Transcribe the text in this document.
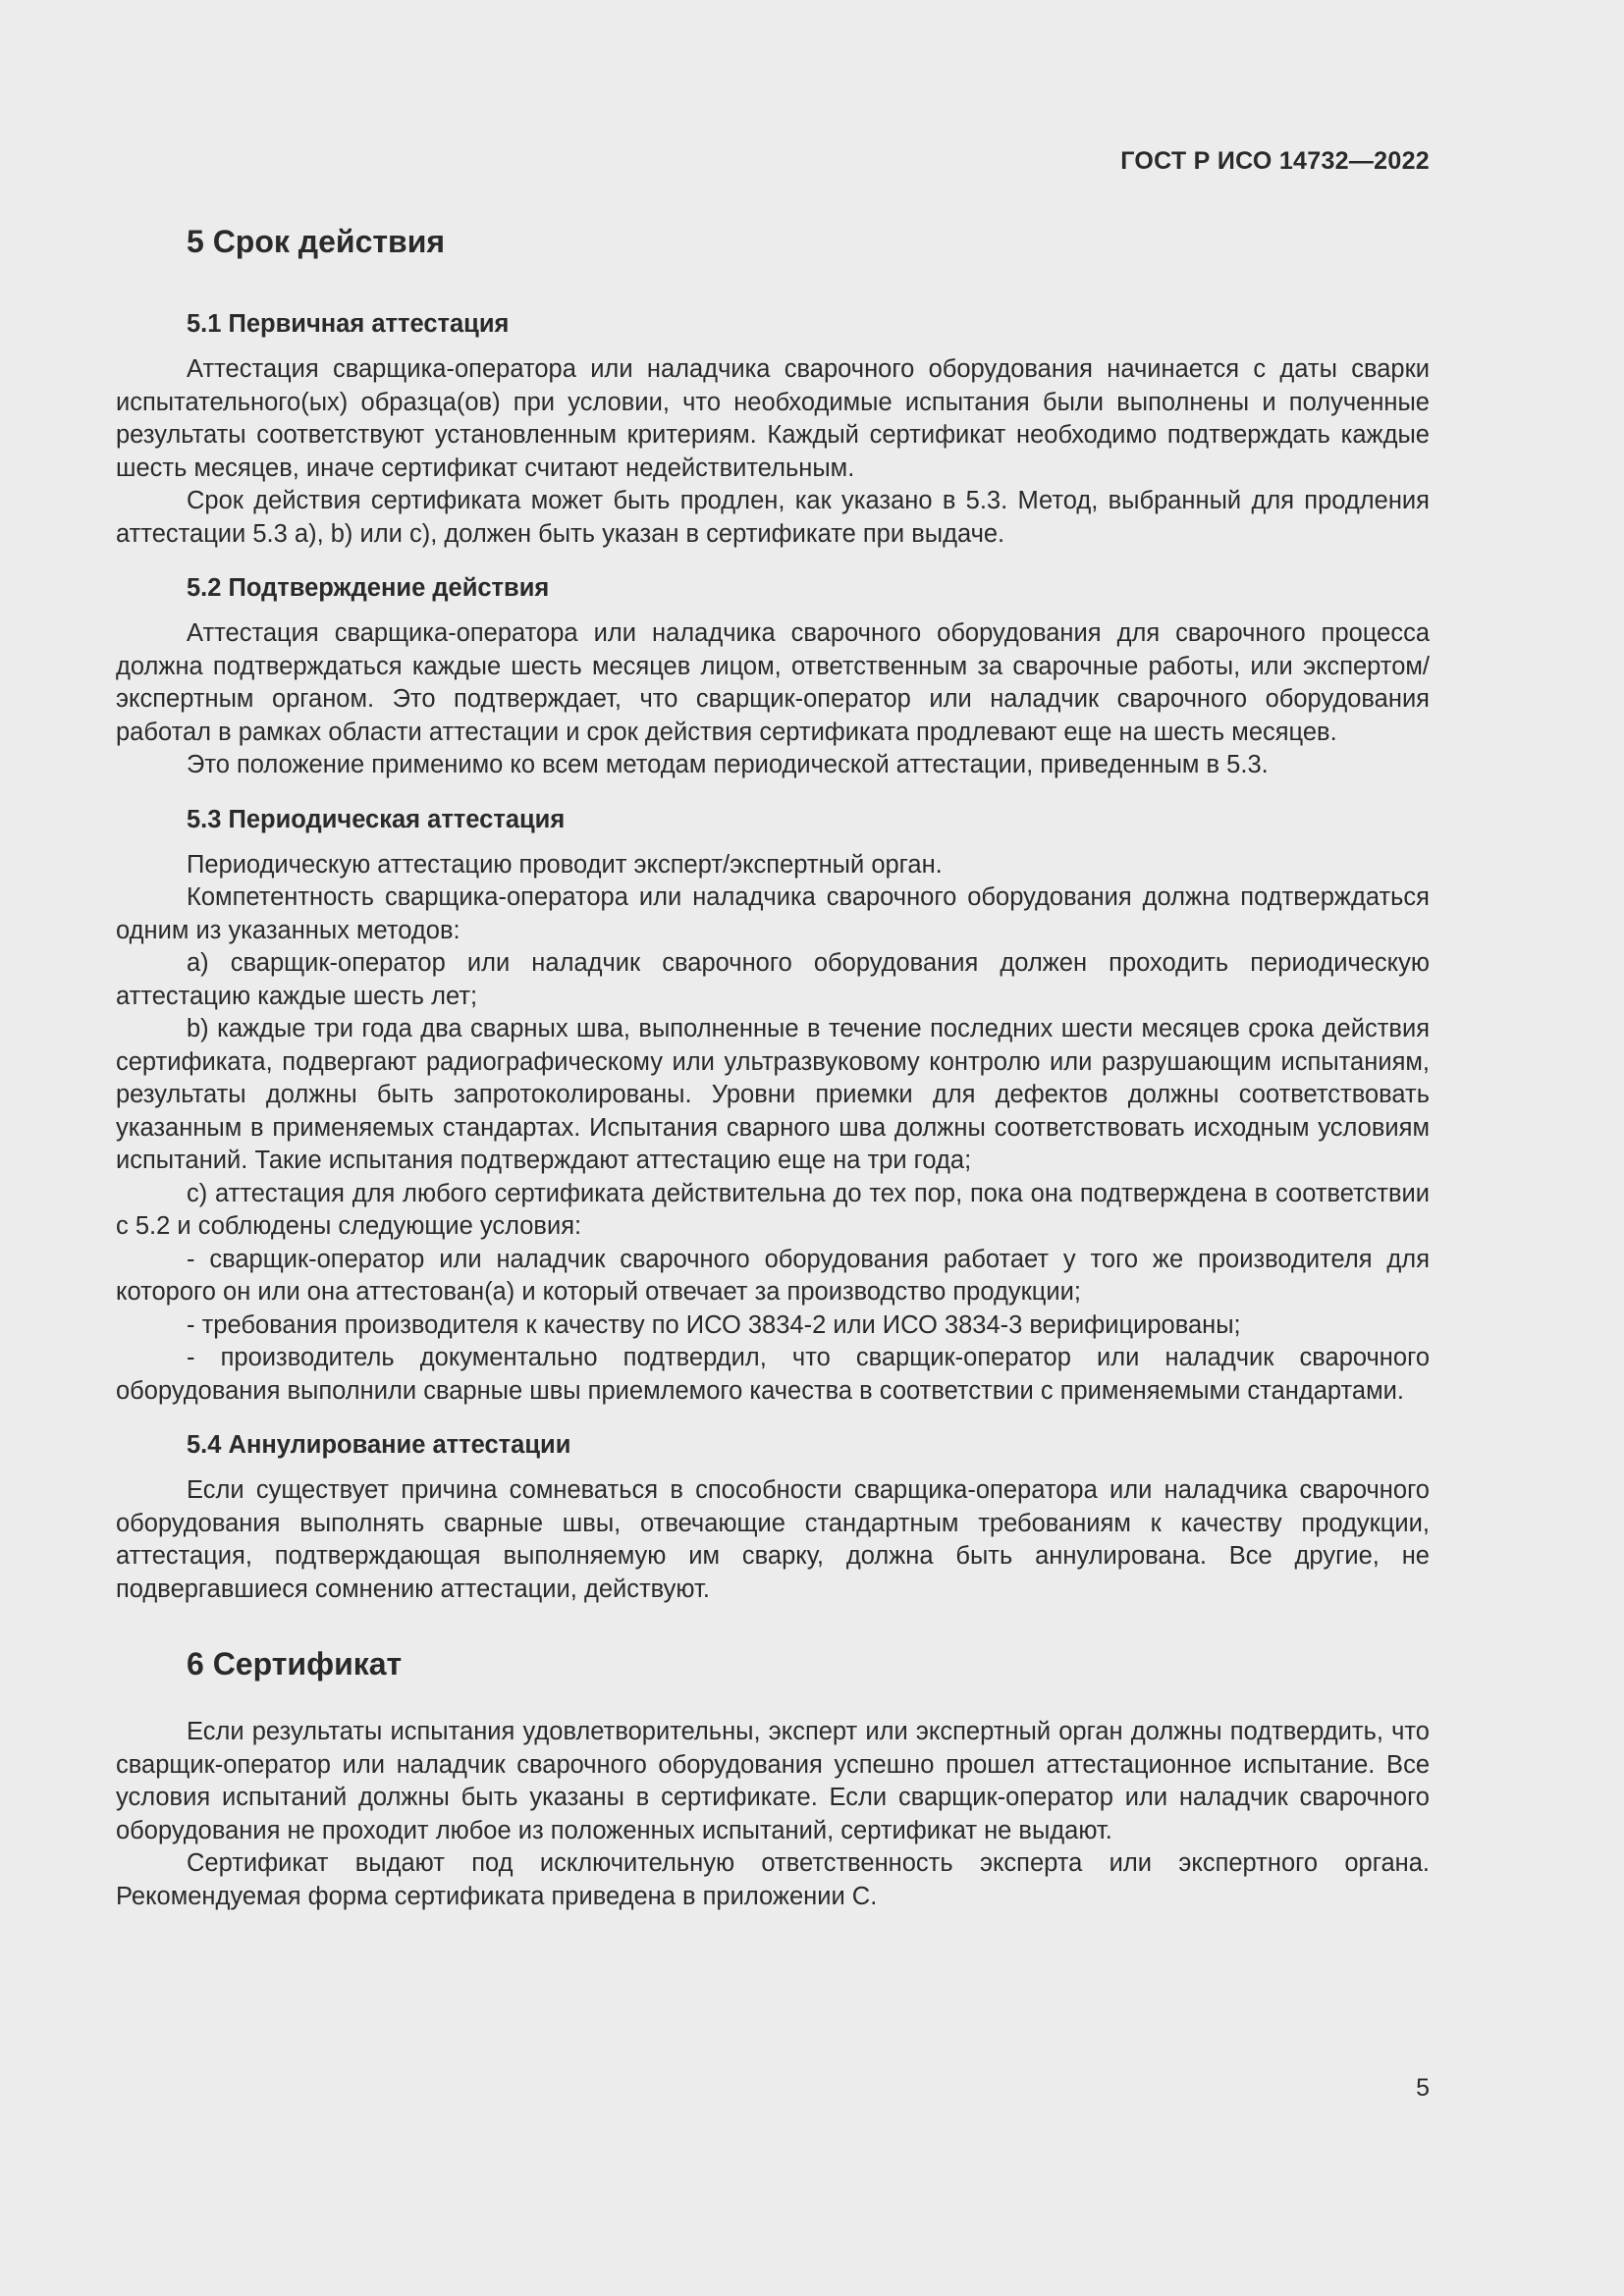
ГОСТ Р ИСО 14732—2022
5 Срок действия
5.1 Первичная аттестация

Аттестация сварщика-оператора или наладчика сварочного оборудования начинается с даты сварки испытательного(ых) образца(ов) при условии, что необходимые испытания были выполнены и полученные результаты соответствуют установленным критериям. Каждый сертификат необходимо подтверждать каждые шесть месяцев, иначе сертификат считают недействительным.

Срок действия сертификата может быть продлен, как указано в 5.3. Метод, выбранный для продления аттестации 5.3 а), b) или с), должен быть указан в сертификате при выдаче.

5.2 Подтверждение действия

Аттестация сварщика-оператора или наладчика сварочного оборудования для сварочного процесса должна подтверждаться каждые шесть месяцев лицом, ответственным за сварочные работы, или экспертом/экспертным органом. Это подтверждает, что сварщик-оператор или наладчик сварочного оборудования работал в рамках области аттестации и срок действия сертификата продлевают еще на шесть месяцев.

Это положение применимо ко всем методам периодической аттестации, приведенным в 5.3.

5.3 Периодическая аттестация

Периодическую аттестацию проводит эксперт/экспертный орган.

Компетентность сварщика-оператора или наладчика сварочного оборудования должна подтверждаться одним из указанных методов:

а) сварщик-оператор или наладчик сварочного оборудования должен проходить периодическую аттестацию каждые шесть лет;

b) каждые три года два сварных шва, выполненные в течение последних шести месяцев срока действия сертификата, подвергают радиографическому или ультразвуковому контролю или разрушающим испытаниям, результаты должны быть запротоколированы. Уровни приемки для дефектов должны соответствовать указанным в применяемых стандартах. Испытания сварного шва должны соответствовать исходным условиям испытаний. Такие испытания подтверждают аттестацию еще на три года;

с) аттестация для любого сертификата действительна до тех пор, пока она подтверждена в соответствии с 5.2 и соблюдены следующие условия:

- сварщик-оператор или наладчик сварочного оборудования работает у того же производителя для которого он или она аттестован(а) и который отвечает за производство продукции;

- требования производителя к качеству по ИСО 3834-2 или ИСО 3834-3 верифицированы;

- производитель документально подтвердил, что сварщик-оператор или наладчик сварочного оборудования выполнили сварные швы приемлемого качества в соответствии с применяемыми стандартами.

5.4 Аннулирование аттестации

Если существует причина сомневаться в способности сварщика-оператора или наладчика сварочного оборудования выполнять сварные швы, отвечающие стандартным требованиям к качеству продукции, аттестация, подтверждающая выполняемую им сварку, должна быть аннулирована. Все другие, не подвергавшиеся сомнению аттестации, действуют.

6 Сертификат

Если результаты испытания удовлетворительны, эксперт или экспертный орган должны подтвердить, что сварщик-оператор или наладчик сварочного оборудования успешно прошел аттестационное испытание. Все условия испытаний должны быть указаны в сертификате. Если сварщик-оператор или наладчик сварочного оборудования не проходит любое из положенных испытаний, сертификат не выдают.

Сертификат выдают под исключительную ответственность эксперта или экспертного органа. Рекомендуемая форма сертификата приведена в приложении С.

5
